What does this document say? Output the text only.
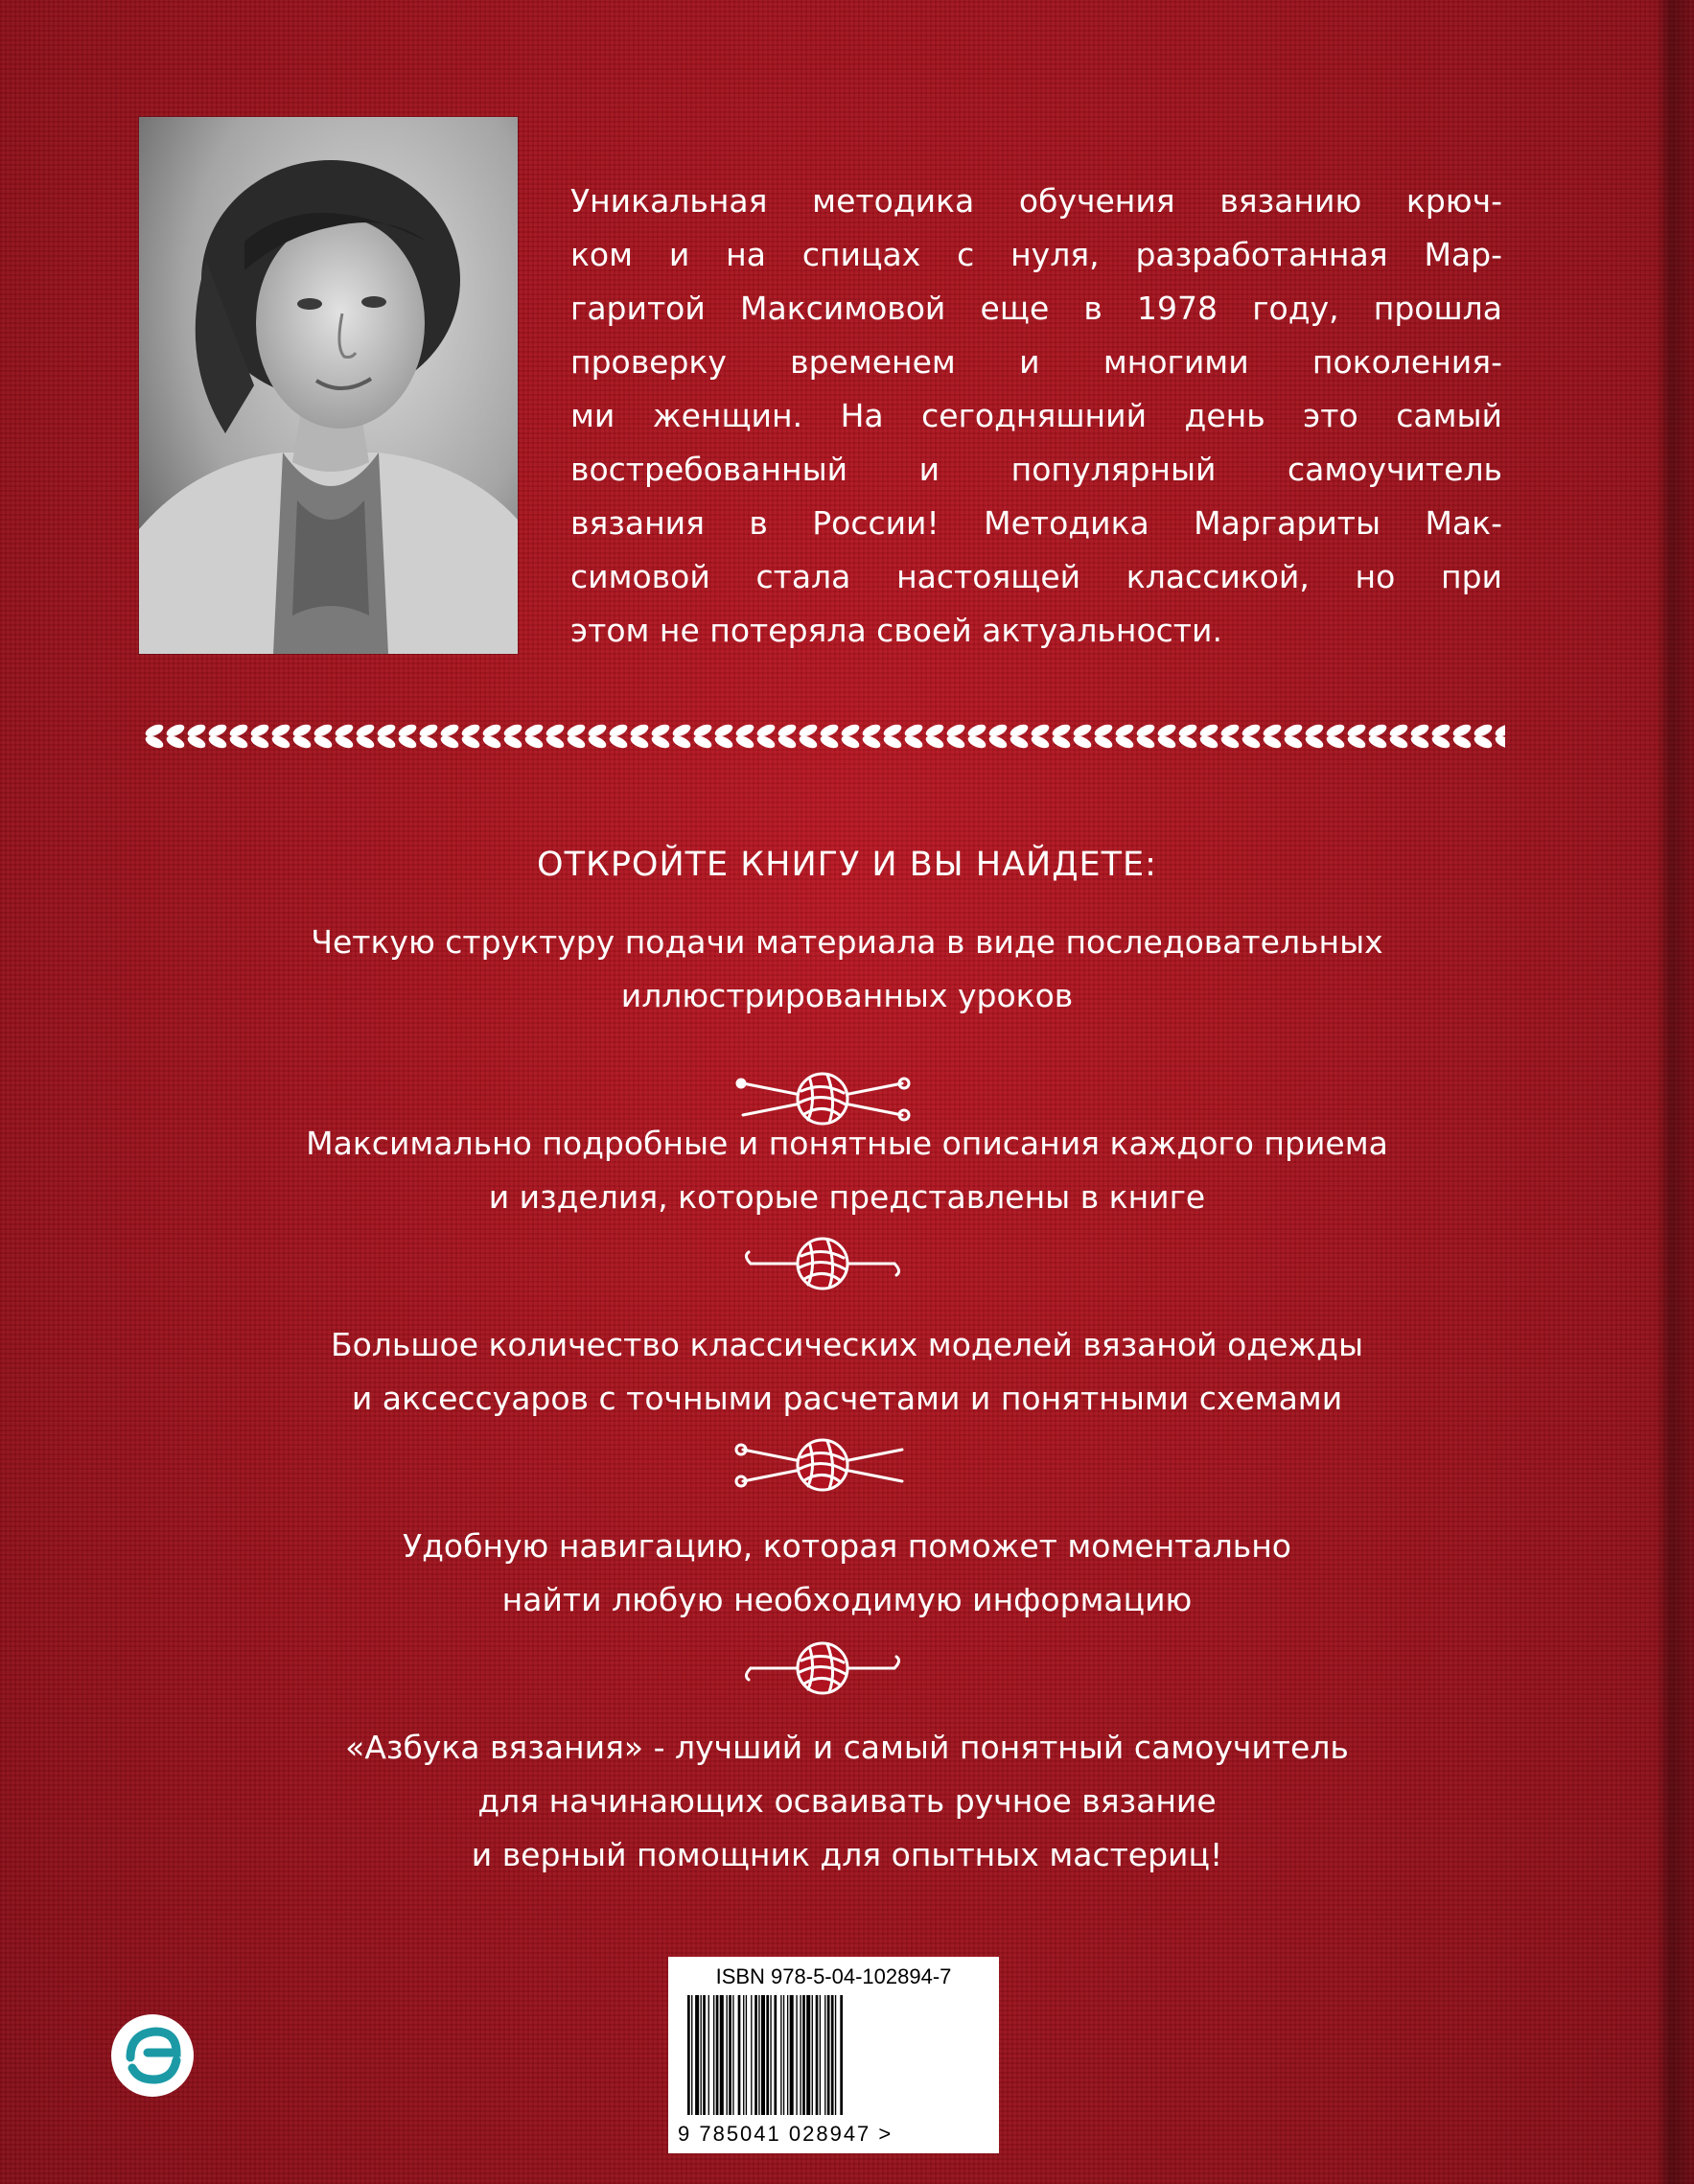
Уникальная методика обучения вязанию крюч-
ком и на спицах с нуля, разработанная Мар-
гаритой Максимовой еще в 1978 году, прошла
проверку временем и многими поколения-
ми женщин. На сегодняшний день это самый
востребованный и популярный самоучитель
вязания в России! Методика Маргариты Мак-
симовой стала настоящей классикой, но при
этом не потеряла своей актуальности.

ОТКРОЙТЕ КНИГУ И ВЫ НАЙДЕТЕ:

Четкую структуру подачи материала в виде последовательных
иллюстрированных уроков

Максимально подробные и понятные описания каждого приема
и изделия, которые представлены в книге

Большое количество классических моделей вязаной одежды
и аксессуаров с точными расчетами и понятными схемами

Удобную навигацию, которая поможет моментально
найти любую необходимую информацию

«Азбука вязания» - лучший и самый понятный самоучитель
для начинающих осваивать ручное вязание
и верный помощник для опытных мастериц!

ISBN 978-5-04-102894-7
9 785041 028947 >
